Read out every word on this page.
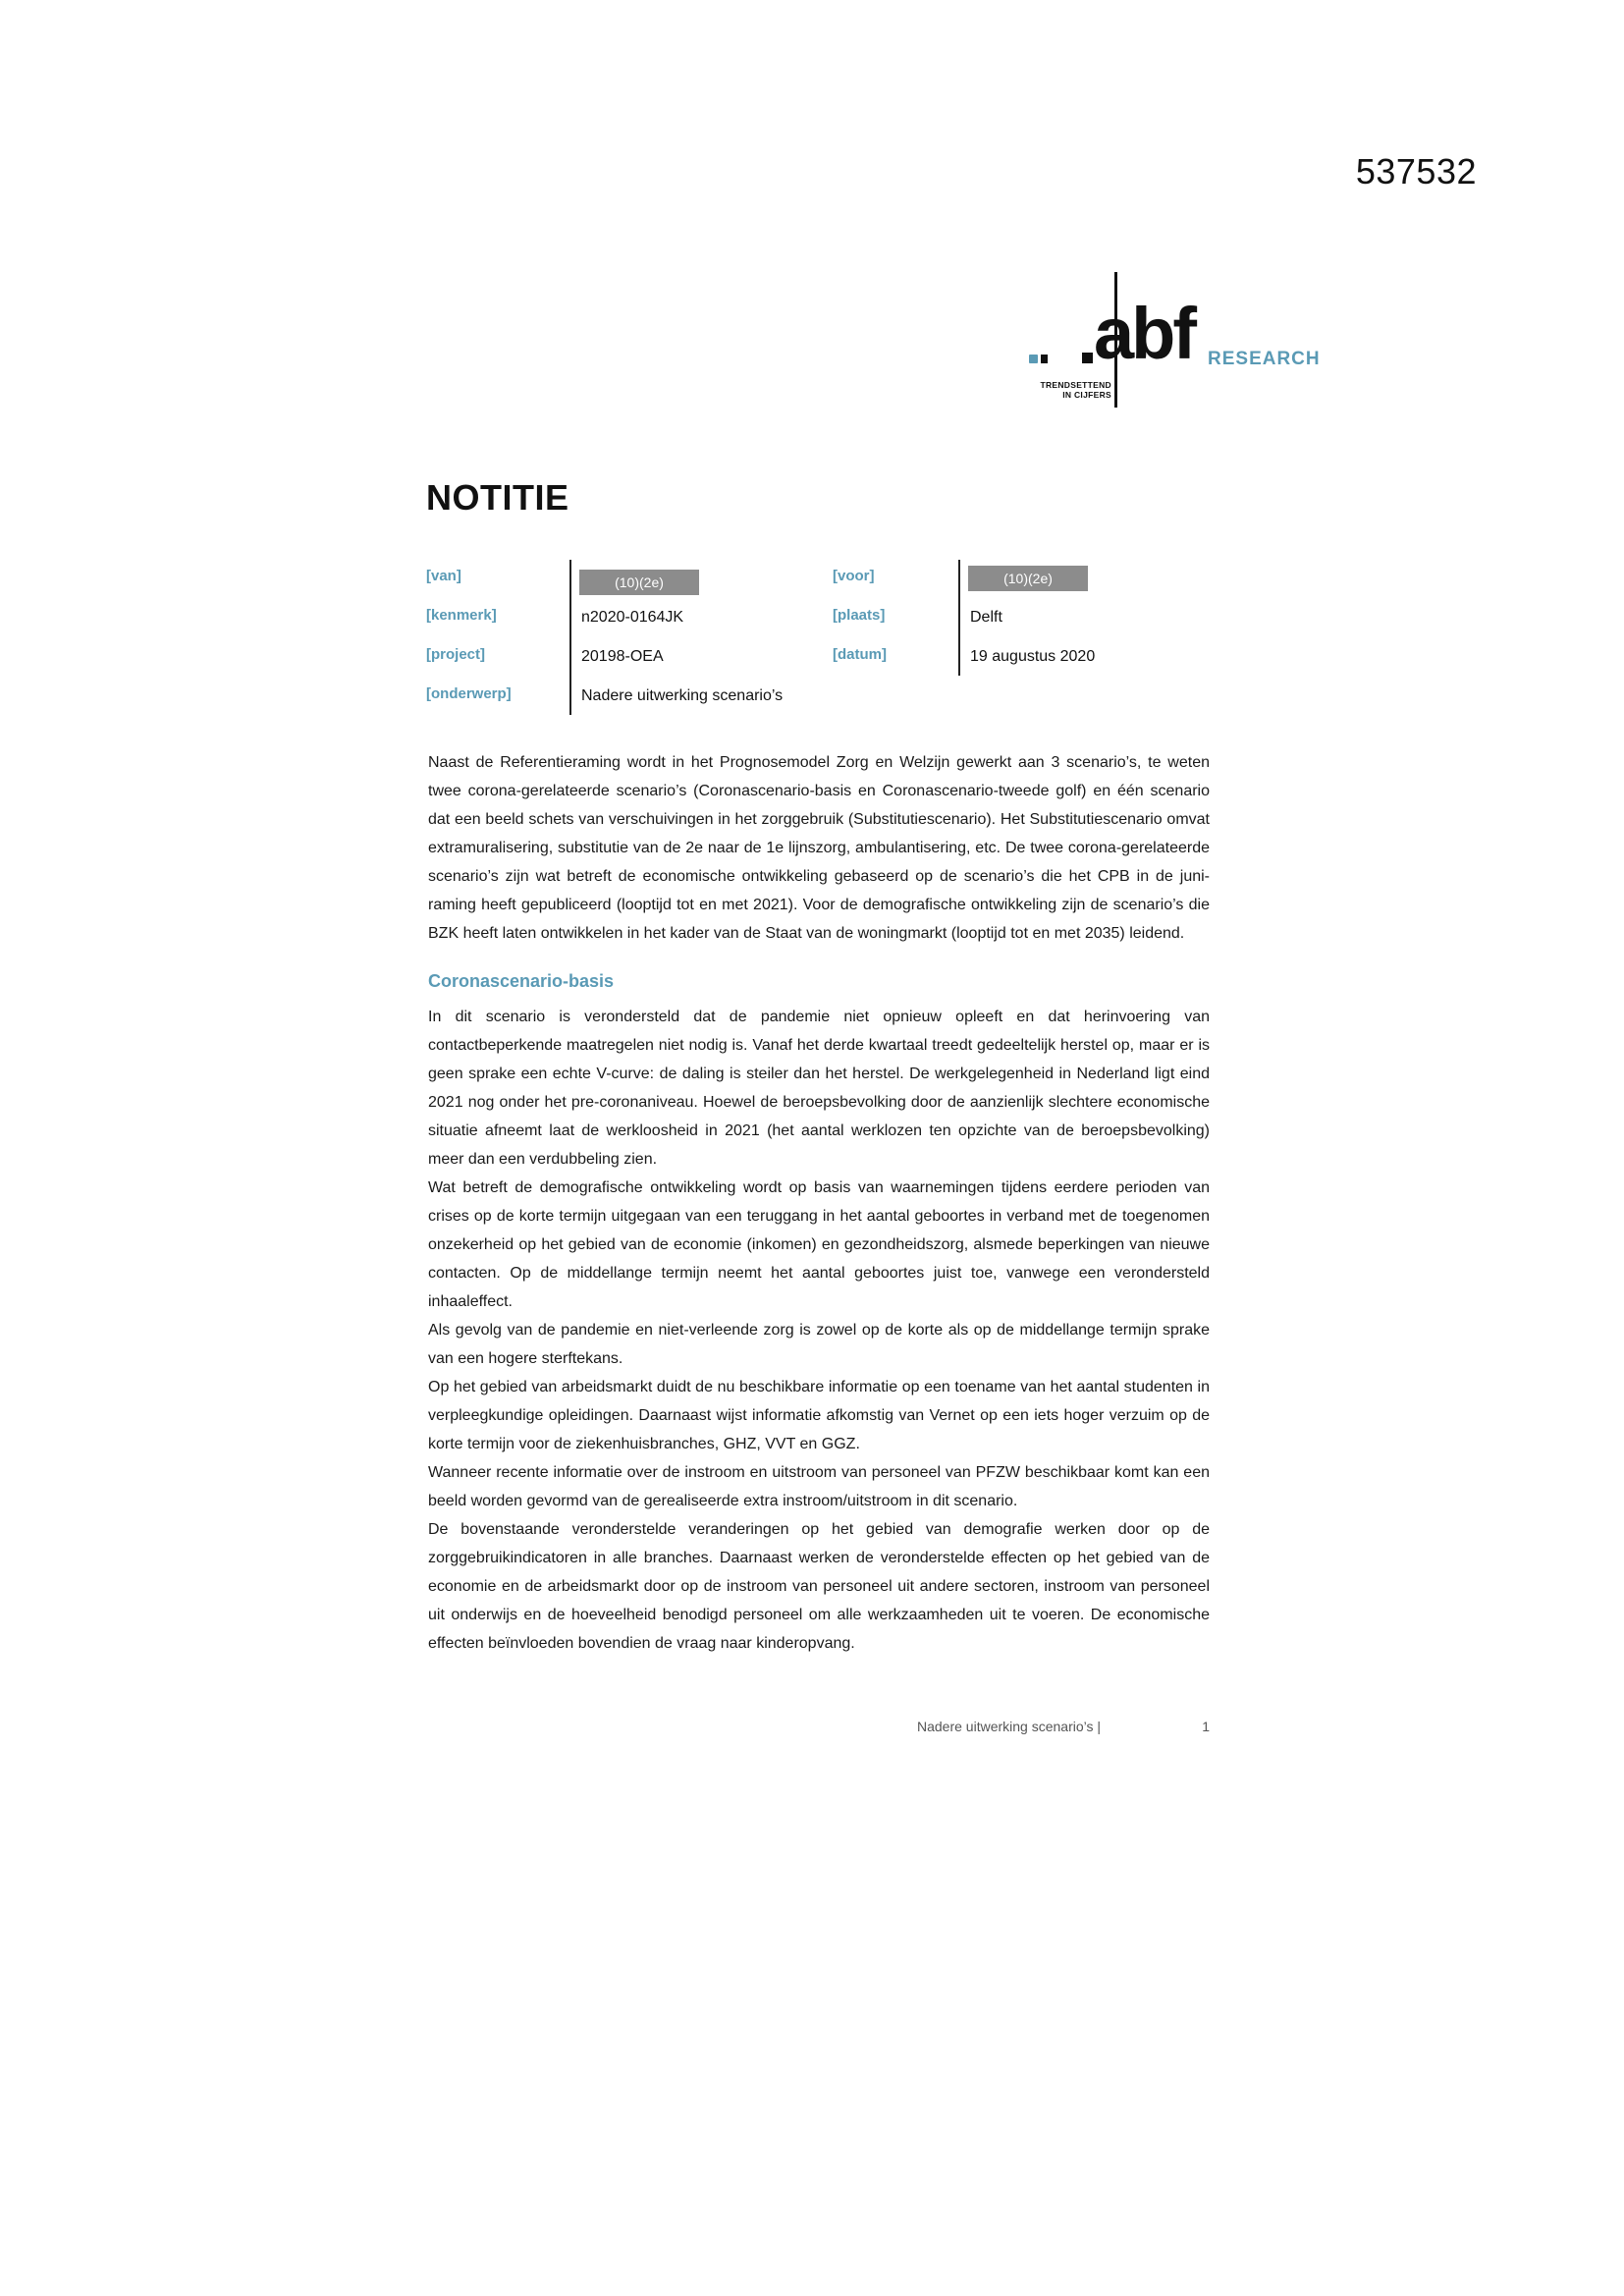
537532
abf RESEARCH
TRENDSETTEND
IN CIJFERS
NOTITIE
[van]	(10)(2e)
[kenmerk]	n2020-0164JK
[project]	20198-OEA
[onderwerp]	Nadere uitwerking scenario’s
[voor]	(10)(2e)
[plaats]	Delft
[datum]	19 augustus 2020

Naast de Referentieraming wordt in het Prognosemodel Zorg en Welzijn gewerkt aan 3 scenario’s, te weten twee corona-gerelateerde scenario’s (Coronascenario-basis en Coronascenario-tweede golf) en één scenario dat een beeld schets van verschuivingen in het zorggebruik (Substitutiescenario). Het Substitutiescenario omvat extramuralisering, substitutie van de 2e naar de 1e lijnszorg, ambulantisering, etc. De twee corona-gerelateerde scenario’s zijn wat betreft de economische ontwikkeling gebaseerd op de scenario’s die het CPB in de juni-raming heeft gepubliceerd (looptijd tot en met 2021). Voor de demografische ontwikkeling zijn de scenario’s die BZK heeft laten ontwikkelen in het kader van de Staat van de woningmarkt (looptijd tot en met 2035) leidend.

Coronascenario-basis

In dit scenario is verondersteld dat de pandemie niet opnieuw opleeft en dat herinvoering van contactbeperkende maatregelen niet nodig is. Vanaf het derde kwartaal treedt gedeeltelijk herstel op, maar er is geen sprake een echte V-curve: de daling is steiler dan het herstel. De werkgelegenheid in Nederland ligt eind 2021 nog onder het pre-coronaniveau. Hoewel de beroepsbevolking door de aanzienlijk slechtere economische situatie afneemt laat de werkloosheid in 2021 (het aantal werklozen ten opzichte van de beroepsbevolking) meer dan een verdubbeling zien.

Wat betreft de demografische ontwikkeling wordt op basis van waarnemingen tijdens eerdere perioden van crises op de korte termijn uitgegaan van een teruggang in het aantal geboortes in verband met de toegenomen onzekerheid op het gebied van de economie (inkomen) en gezondheidszorg, alsmede beperkingen van nieuwe contacten. Op de middellange termijn neemt het aantal geboortes juist toe, vanwege een verondersteld inhaaleffect.

Als gevolg van de pandemie en niet-verleende zorg is zowel op de korte als op de middellange termijn sprake van een hogere sterftekans.

Op het gebied van arbeidsmarkt duidt de nu beschikbare informatie op een toename van het aantal studenten in verpleegkundige opleidingen. Daarnaast wijst informatie afkomstig van Vernet op een iets hoger verzuim op de korte termijn voor de ziekenhuisbranches, GHZ, VVT en GGZ.

Wanneer recente informatie over de instroom en uitstroom van personeel van PFZW beschikbaar komt kan een beeld worden gevormd van de gerealiseerde extra instroom/uitstroom in dit scenario.

De bovenstaande veronderstelde veranderingen op het gebied van demografie werken door op de zorggebruikindicatoren in alle branches. Daarnaast werken de veronderstelde effecten op het gebied van de economie en de arbeidsmarkt door op de instroom van personeel uit andere sectoren, instroom van personeel uit onderwijs en de hoeveelheid benodigd personeel om alle werkzaamheden uit te voeren. De economische effecten beïnvloeden bovendien de vraag naar kinderopvang.

Nadere uitwerking scenario’s |	1
